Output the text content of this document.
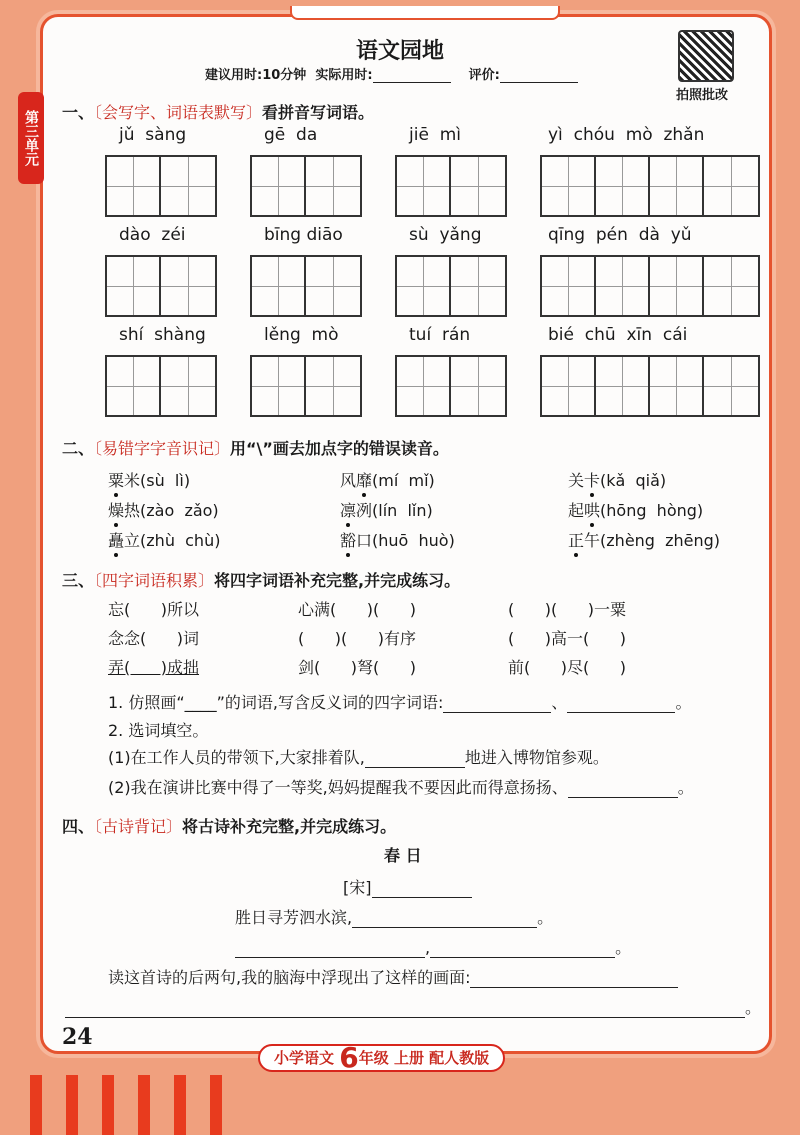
第三单元
语文园地
建议用时:10分钟 实际用时:	评价:
拍照批改
一、〔会写字、词语表默写〕看拼音写词语。
jǔ  sàng	gē  da	jiē  mì	yì  chóu  mò  zhǎn
dào  zéi	bīng diāo	sù  yǎng	qīng  pén  dà  yǔ
shí  shàng	lěng  mò	tuí  rán	bié  chū  xīn  cái
二、〔易错字字音识记〕用“\”画去加点字的错误读音。
粟米(sù  lì)	风靡(mí  mǐ)	关卡(kǎ  qiǎ)
燥热(zào  zǎo)	凛冽(lín  lǐn)	起哄(hōng  hòng)
矗立(zhù  chù)	豁口(huō  huò)	正午(zhèng  zhēng)
三、〔四字词语积累〕将四字词语补充完整,并完成练习。
忘(      )所以	心满(      )(      )	(      )(      )一粟
念念(      )词	(      )(      )有序	(      )高一(      )
弄(      )成拙	剑(      )弩(      )	前(      )尽(      )
1. 仿照画“____”的词语,写含反义词的四字词语:	、	。
2. 选词填空。
(1)在工作人员的带领下,大家排着队,	地进入博物馆参观。
(2)我在演讲比赛中得了一等奖,妈妈提醒我不要因此而得意扬扬、	。
四、〔古诗背记〕将古诗补充完整,并完成练习。
春 日
[宋]
胜日寻芳泗水滨,	。
,	。
读这首诗的后两句,我的脑海中浮现出了这样的画面:
。
24
小学语文 6年级 上册 配人教版
